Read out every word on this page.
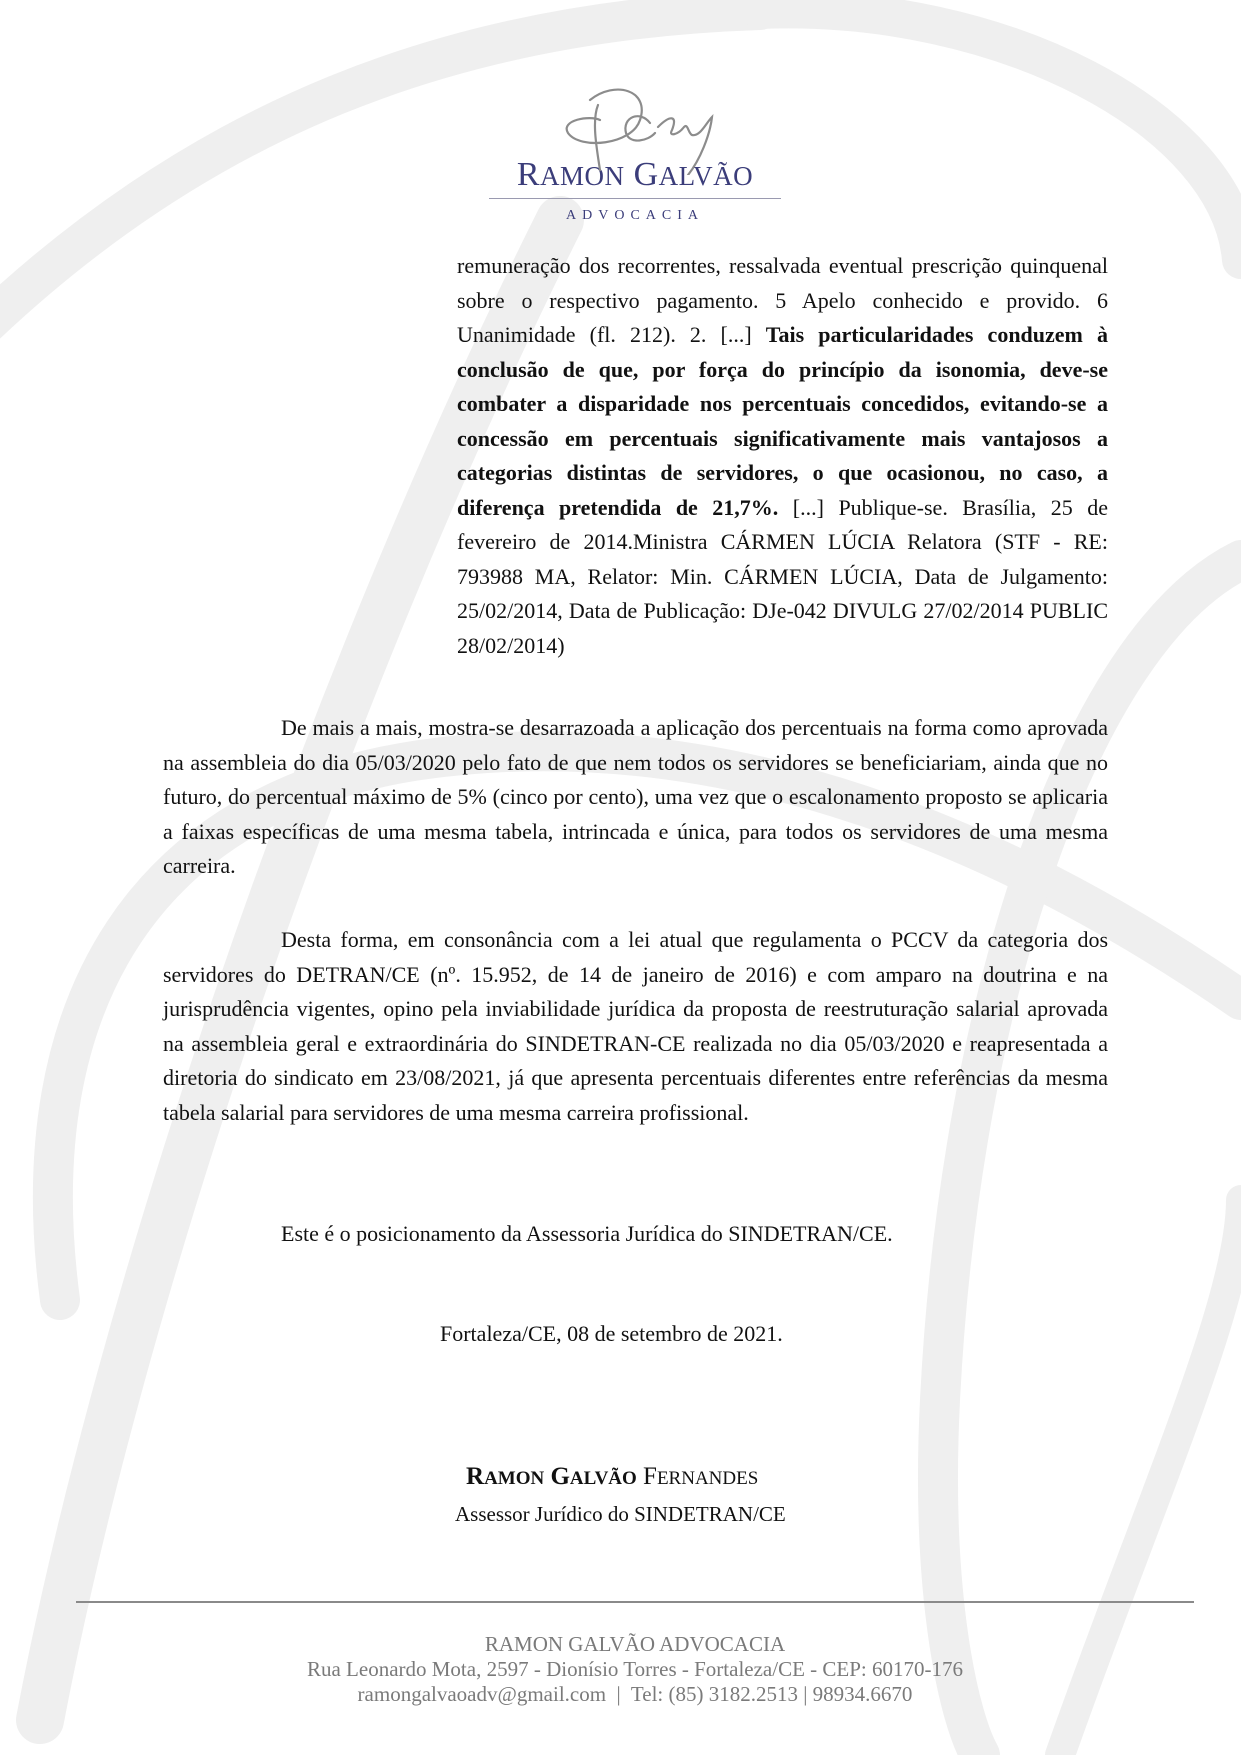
RAMON GALVÃO
ADVOCACIA
remuneração dos recorrentes, ressalvada eventual prescrição quinquenal sobre o respectivo pagamento. 5 Apelo conhecido e provido. 6 Unanimidade (fl. 212). 2. [...] Tais particularidades conduzem à conclusão de que, por força do princípio da isonomia, deve-se combater a disparidade nos percentuais concedidos, evitando-se a concessão em percentuais significativamente mais vantajosos a categorias distintas de servidores, o que ocasionou, no caso, a diferença pretendida de 21,7%. [...] Publique-se. Brasília, 25 de fevereiro de 2014.Ministra CÁRMEN LÚCIA Relatora (STF - RE: 793988 MA, Relator: Min. CÁRMEN LÚCIA, Data de Julgamento: 25/02/2014, Data de Publicação: DJe-042 DIVULG 27/02/2014 PUBLIC 28/02/2014)

De mais a mais, mostra-se desarrazoada a aplicação dos percentuais na forma como aprovada na assembleia do dia 05/03/2020 pelo fato de que nem todos os servidores se beneficiariam, ainda que no futuro, do percentual máximo de 5% (cinco por cento), uma vez que o escalonamento proposto se aplicaria a faixas específicas de uma mesma tabela, intrincada e única, para todos os servidores de uma mesma carreira.

Desta forma, em consonância com a lei atual que regulamenta o PCCV da categoria dos servidores do DETRAN/CE (nº. 15.952, de 14 de janeiro de 2016) e com amparo na doutrina e na jurisprudência vigentes, opino pela inviabilidade jurídica da proposta de reestruturação salarial aprovada na assembleia geral e extraordinária do SINDETRAN-CE realizada no dia 05/03/2020 e reapresentada a diretoria do sindicato em 23/08/2021, já que apresenta percentuais diferentes entre referências da mesma tabela salarial para servidores de uma mesma carreira profissional.

Este é o posicionamento da Assessoria Jurídica do SINDETRAN/CE.
Fortaleza/CE, 08 de setembro de 2021.
RAMON GALVÃO FERNANDES
Assessor Jurídico do SINDETRAN/CE
RAMON GALVÃO ADVOCACIA
Rua Leonardo Mota, 2597 - Dionísio Torres - Fortaleza/CE - CEP: 60170-176
ramongalvaoadv@gmail.com  |  Tel: (85) 3182.2513 | 98934.6670
